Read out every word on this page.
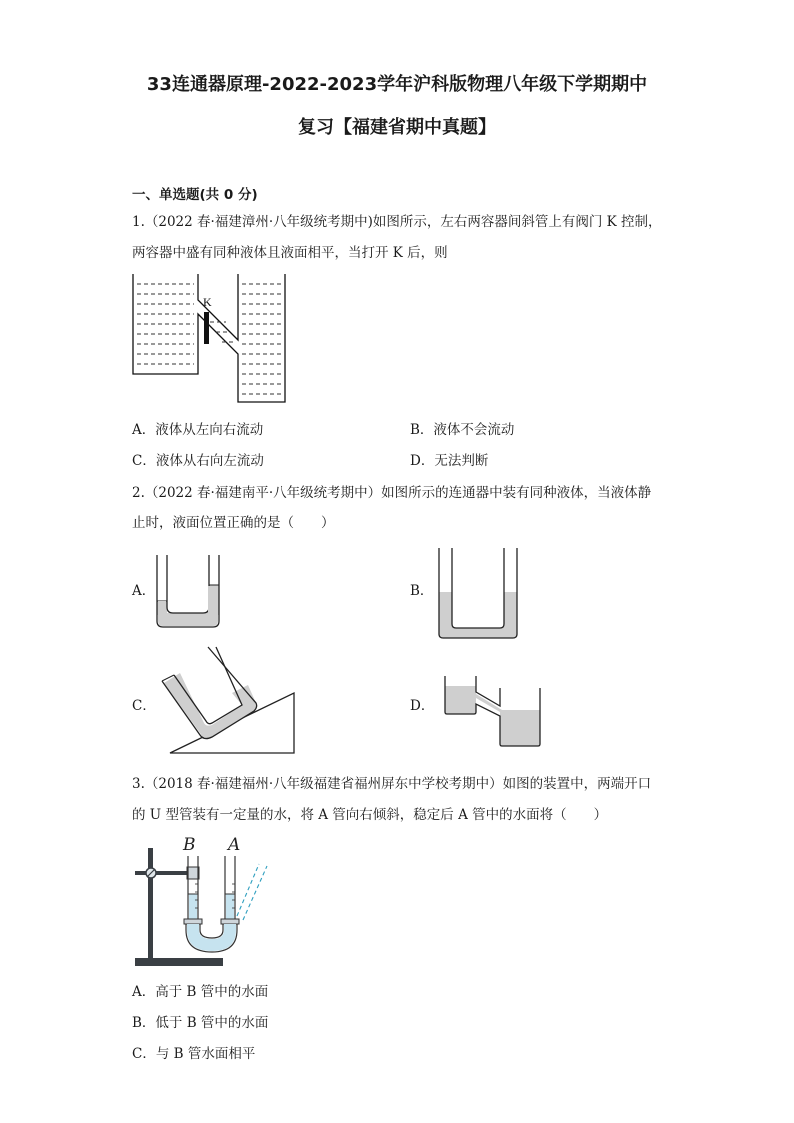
33连通器原理-2022-2023学年沪科版物理八年级下学期期中
复习【福建省期中真题】
一、单选题(共 0 分)
1.（2022 春·福建漳州·八年级统考期中)如图所示，左右两容器间斜管上有阀门 K 控制，
两容器中盛有同种液体且液面相平，当打开 K 后，则
K
A．液体从左向右流动	B．液体不会流动
C．液体从右向左流动	D．无法判断
2.（2022 春·福建南平·八年级统考期中）如图所示的连通器中装有同种液体，当液体静
止时，液面位置正确的是（　　）
A．	B．
C．	D．
3.（2018 春·福建福州·八年级福建省福州屏东中学校考期中）如图的装置中，两端开口
的 U 型管装有一定量的水，将 A 管向右倾斜，稳定后 A 管中的水面将（　　）
B A
A．高于 B 管中的水面
B．低于 B 管中的水面
C．与 B 管水面相平
